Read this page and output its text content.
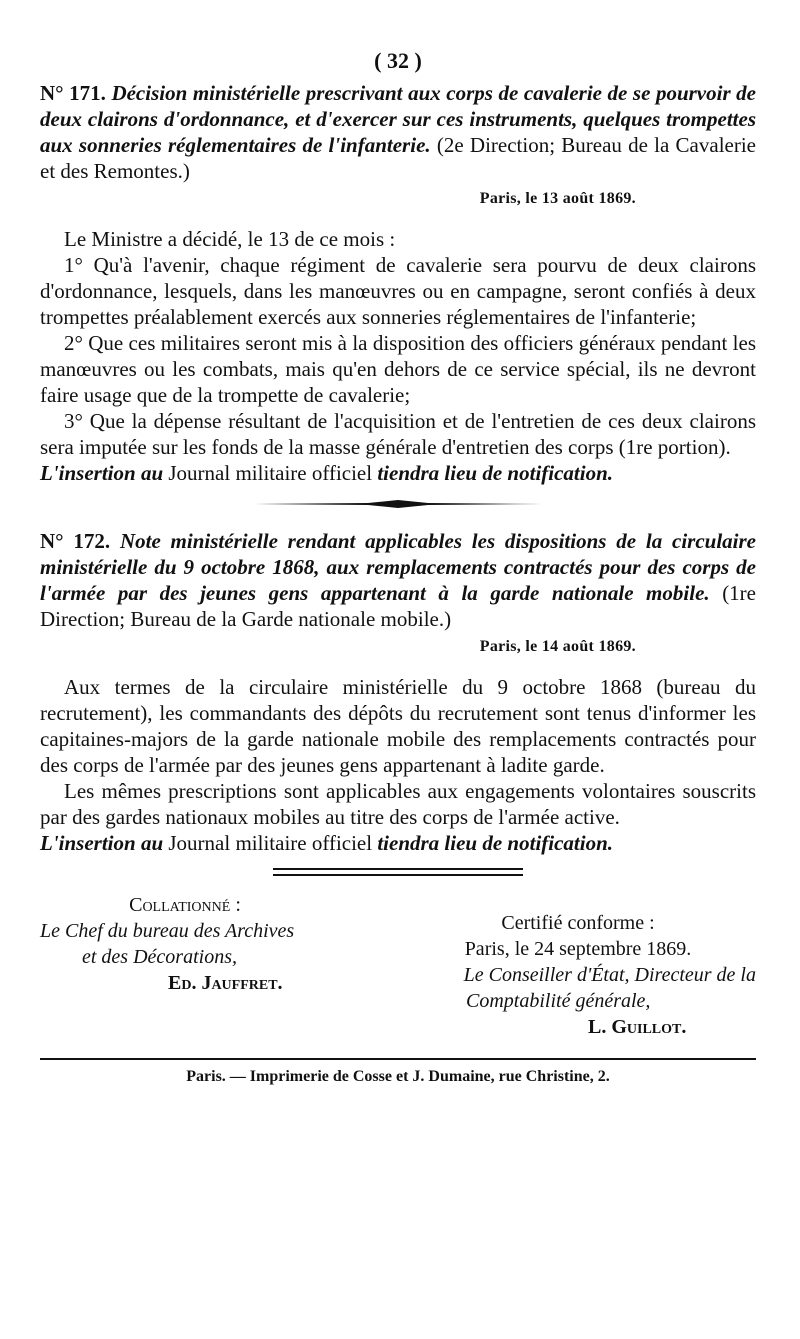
( 32 )
N° 171. Décision ministérielle prescrivant aux corps de cavalerie de se pourvoir de deux clairons d'ordonnance, et d'exercer sur ces instruments, quelques trompettes aux sonneries réglementaires de l'infanterie. (2e Direction; Bureau de la Cavalerie et des Remontes.)
Paris, le 13 août 1869.

Le Ministre a décidé, le 13 de ce mois :

1° Qu'à l'avenir, chaque régiment de cavalerie sera pourvu de deux clairons d'ordonnance, lesquels, dans les manœuvres ou en campagne, seront confiés à deux trompettes préalablement exercés aux sonneries réglementaires de l'infanterie;

2° Que ces militaires seront mis à la disposition des officiers généraux pendant les manœuvres ou les combats, mais qu'en dehors de ce service spécial, ils ne devront faire usage que de la trompette de cavalerie;

3° Que la dépense résultant de l'acquisition et de l'entretien de ces deux clairons sera imputée sur les fonds de la masse générale d'entretien des corps (1re portion).

L'insertion au Journal militaire officiel tiendra lieu de notification.

N° 172. Note ministérielle rendant applicables les dispositions de la circulaire ministérielle du 9 octobre 1868, aux remplacements contractés pour des corps de l'armée par des jeunes gens appartenant à la garde nationale mobile. (1re Direction; Bureau de la Garde nationale mobile.)
Paris, le 14 août 1869.

Aux termes de la circulaire ministérielle du 9 octobre 1868 (bureau du recrutement), les commandants des dépôts du recrutement sont tenus d'informer les capitaines-majors de la garde nationale mobile des remplacements contractés pour des corps de l'armée par des jeunes gens appartenant à ladite garde.

Les mêmes prescriptions sont applicables aux engagements volontaires souscrits par des gardes nationaux mobiles au titre des corps de l'armée active.

L'insertion au Journal militaire officiel tiendra lieu de notification.

Collationné :
Le Chef du bureau des Archives
et des Décorations,
Ed. Jauffret.
Certifié conforme :
Paris, le 24 septembre 1869.
Le Conseiller d'État, Directeur de la
Comptabilité générale,
L. Guillot.
Paris. — Imprimerie de Cosse et J. Dumaine, rue Christine, 2.
